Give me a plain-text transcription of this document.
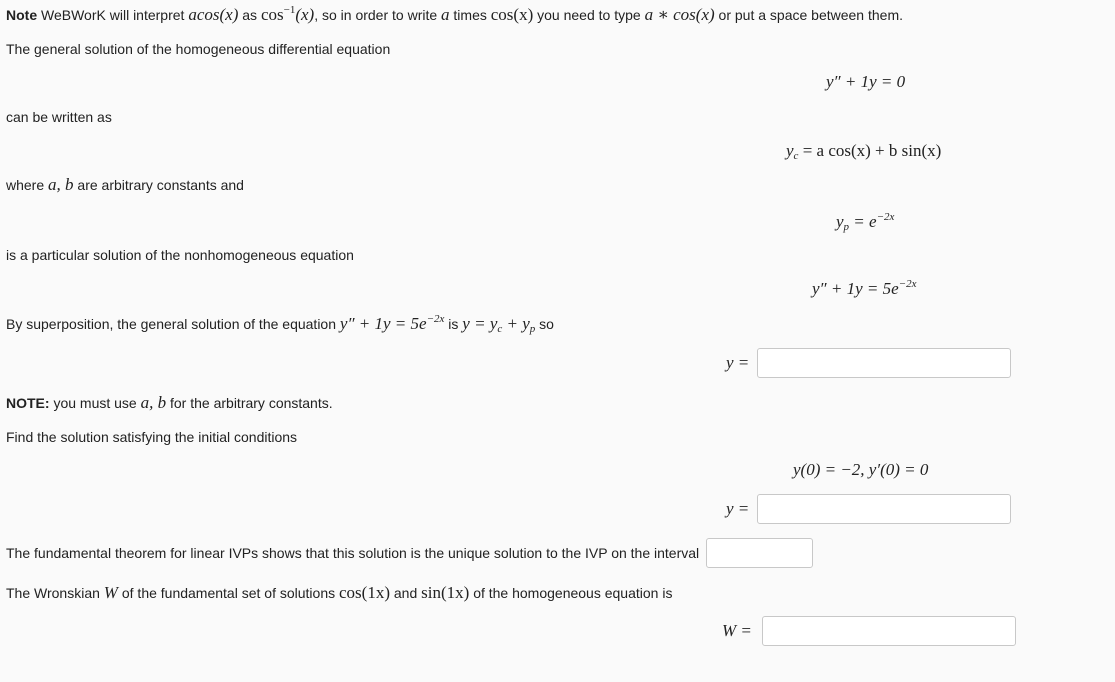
Note WeBWorK will interpret acos(x) as $\cos^{-1}(x)$, so in order to write a times cos(x) you need to type a ∗ cos(x) or put a space between them.
The general solution of the homogeneous differential equation
y″ + 1y = 0
can be written as
yc = a cos(x) + b sin(x)
where a, b are arbitrary constants and
yp = $e^{-2x}$
is a particular solution of the nonhomogeneous equation
$y'' + 1y = 5e^{-2x}$
By superposition, the general solution of the equation $y'' + 1y = 5e^{-2x}$ is y = yc + yp so
y =
NOTE: you must use a, b for the arbitrary constants.
Find the solution satisfying the initial conditions
y(0) = −2, y′(0) = 0
y =
The fundamental theorem for linear IVPs shows that this solution is the unique solution to the IVP on the interval
The Wronskian W of the fundamental set of solutions cos(1x) and sin(1x) of the homogeneous equation is
W =
